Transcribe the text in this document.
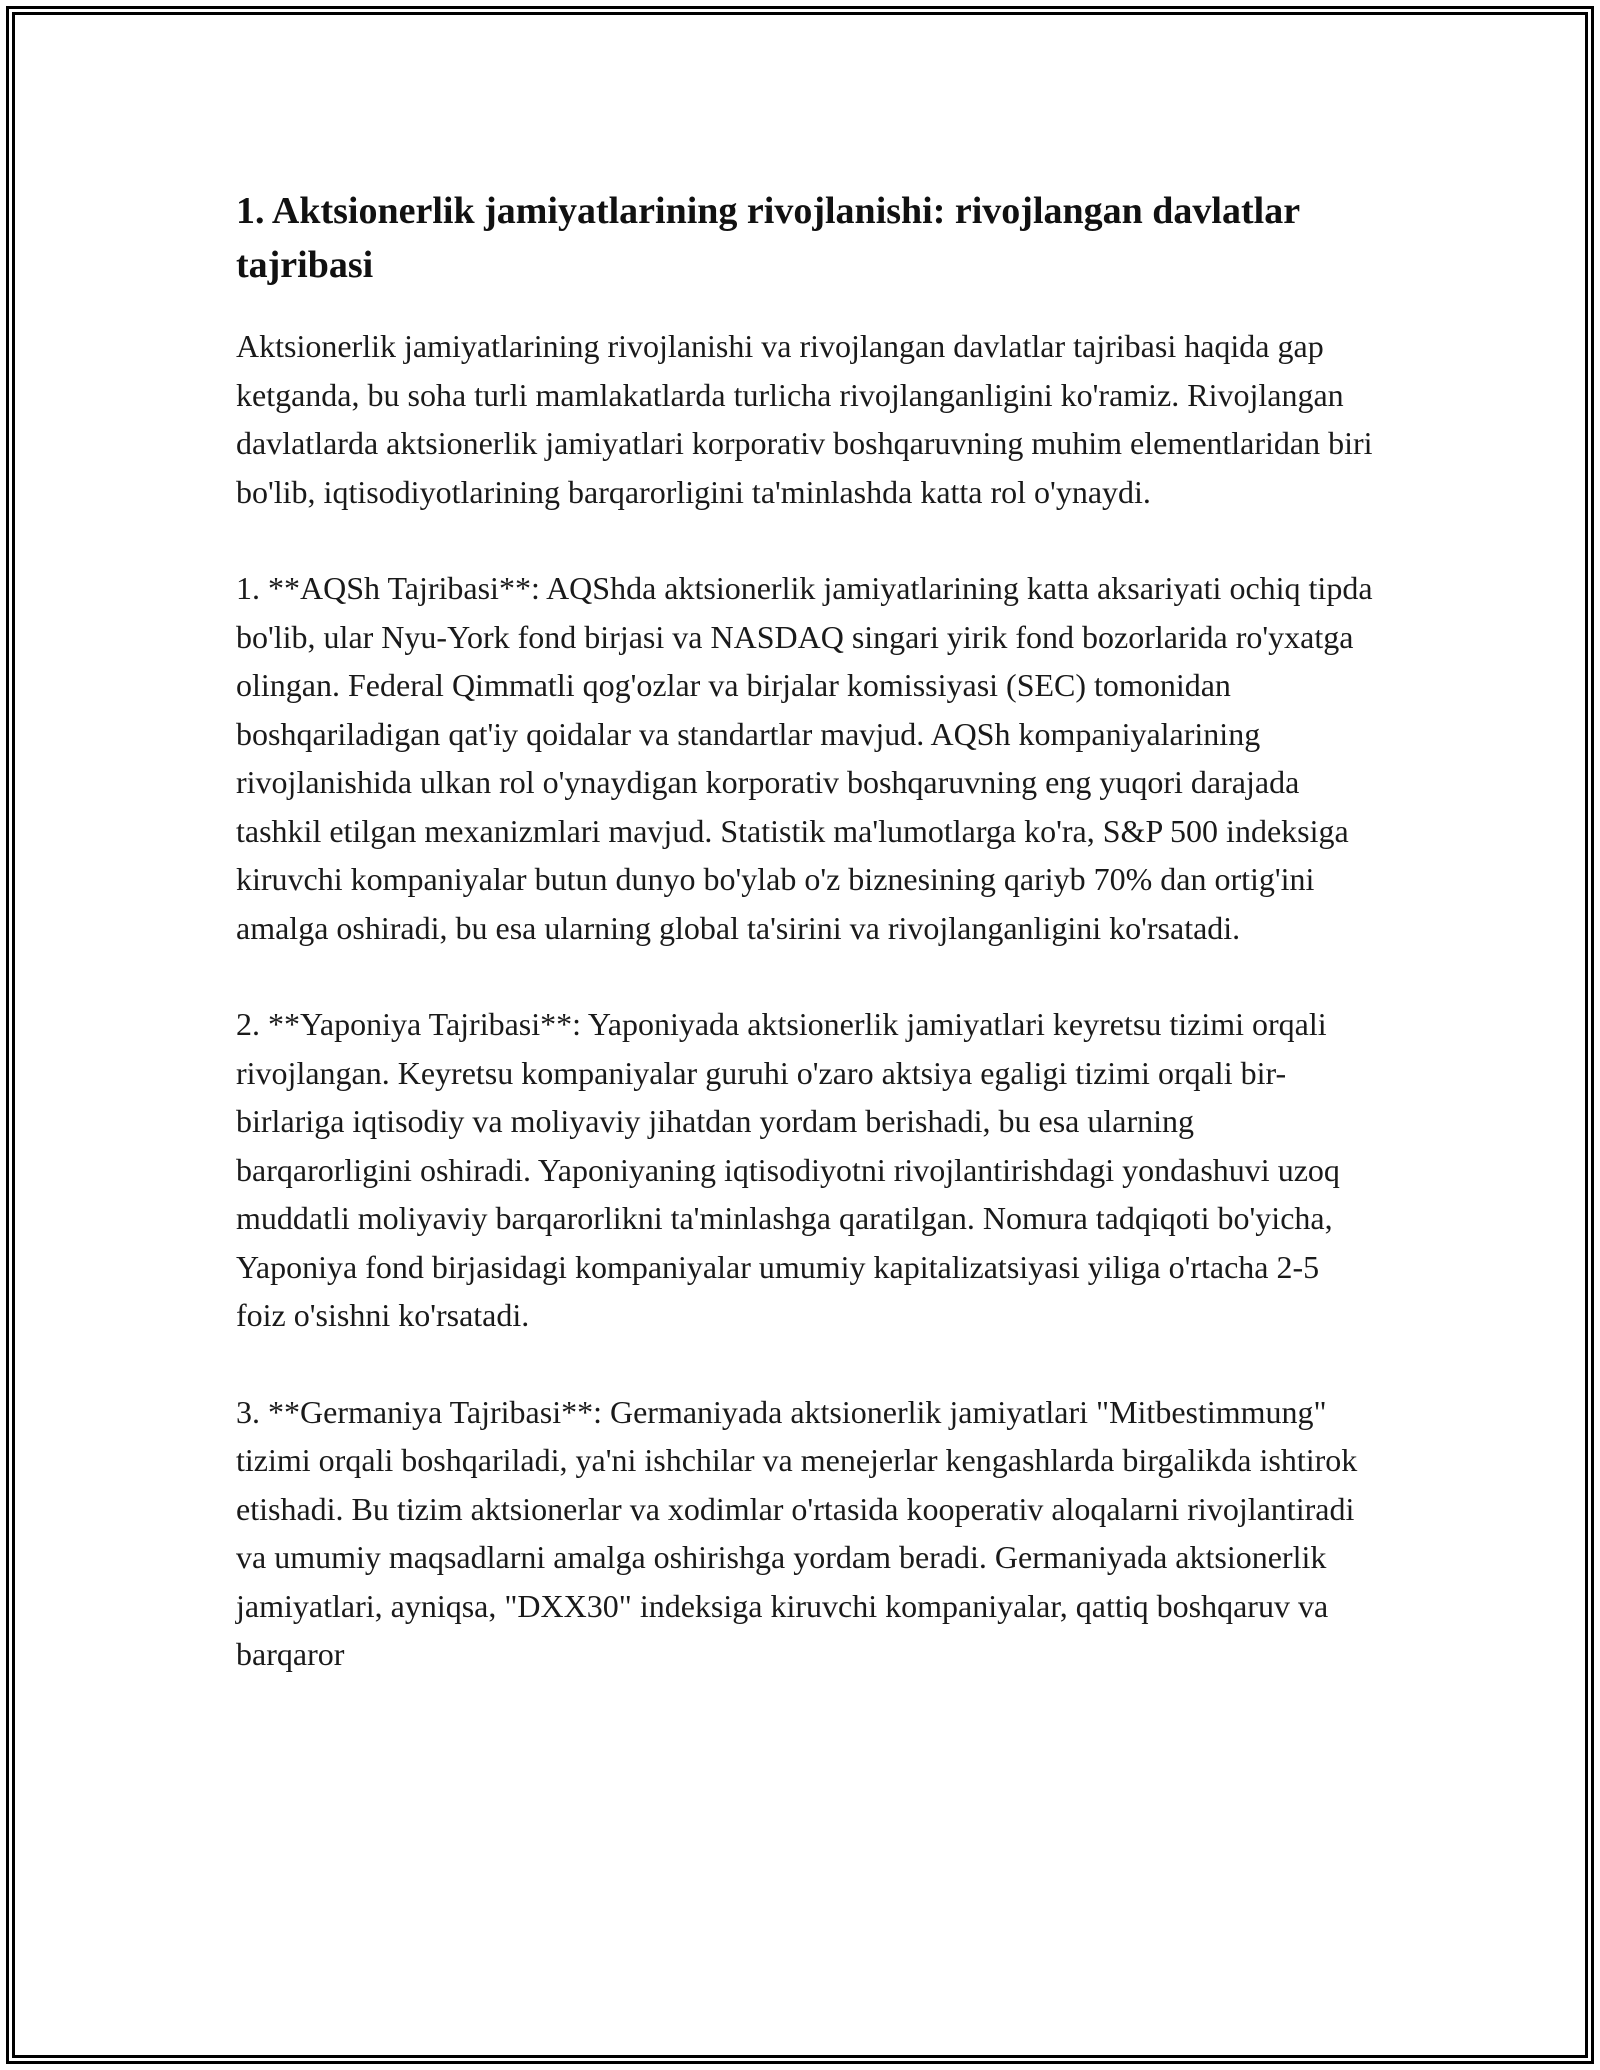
1. Aktsionerlik jamiyatlarining rivojlanishi: rivojlangan davlatlar tajribasi

Aktsionerlik jamiyatlarining rivojlanishi va rivojlangan davlatlar tajribasi haqida gap ketganda, bu soha turli mamlakatlarda turlicha rivojlanganligini ko'ramiz. Rivojlangan davlatlarda aktsionerlik jamiyatlari korporativ boshqaruvning muhim elementlaridan biri bo'lib, iqtisodiyotlarining barqarorligini ta'minlashda katta rol o'ynaydi.

1. **AQSh Tajribasi**: AQShda aktsionerlik jamiyatlarining katta aksariyati ochiq tipda bo'lib, ular Nyu-York fond birjasi va NASDAQ singari yirik fond bozorlarida ro'yxatga olingan. Federal Qimmatli qog'ozlar va birjalar komissiyasi (SEC) tomonidan boshqariladigan qat'iy qoidalar va standartlar mavjud. AQSh kompaniyalarining rivojlanishida ulkan rol o'ynaydigan korporativ boshqaruvning eng yuqori darajada tashkil etilgan mexanizmlari mavjud. Statistik ma'lumotlarga ko'ra, S&P 500 indeksiga kiruvchi kompaniyalar butun dunyo bo'ylab o'z biznesining qariyb 70% dan ortig'ini amalga oshiradi, bu esa ularning global ta'sirini va rivojlanganligini ko'rsatadi.

2. **Yaponiya Tajribasi**: Yaponiyada aktsionerlik jamiyatlari keyretsu tizimi orqali rivojlangan. Keyretsu kompaniyalar guruhi o'zaro aktsiya egaligi tizimi orqali bir-birlariga iqtisodiy va moliyaviy jihatdan yordam berishadi, bu esa ularning barqarorligini oshiradi. Yaponiyaning iqtisodiyotni rivojlantirishdagi yondashuvi uzoq muddatli moliyaviy barqarorlikni ta'minlashga qaratilgan. Nomura tadqiqoti bo'yicha, Yaponiya fond birjasidagi kompaniyalar umumiy kapitalizatsiyasi yiliga o'rtacha 2-5 foiz o'sishni ko'rsatadi.

3. **Germaniya Tajribasi**: Germaniyada aktsionerlik jamiyatlari "Mitbestimmung" tizimi orqali boshqariladi, ya'ni ishchilar va menejerlar kengashlarda birgalikda ishtirok etishadi. Bu tizim aktsionerlar va xodimlar o'rtasida kooperativ aloqalarni rivojlantiradi va umumiy maqsadlarni amalga oshirishga yordam beradi. Germaniyada aktsionerlik jamiyatlari, ayniqsa, "DXX30" indeksiga kiruvchi kompaniyalar, qattiq boshqaruv va barqaror
